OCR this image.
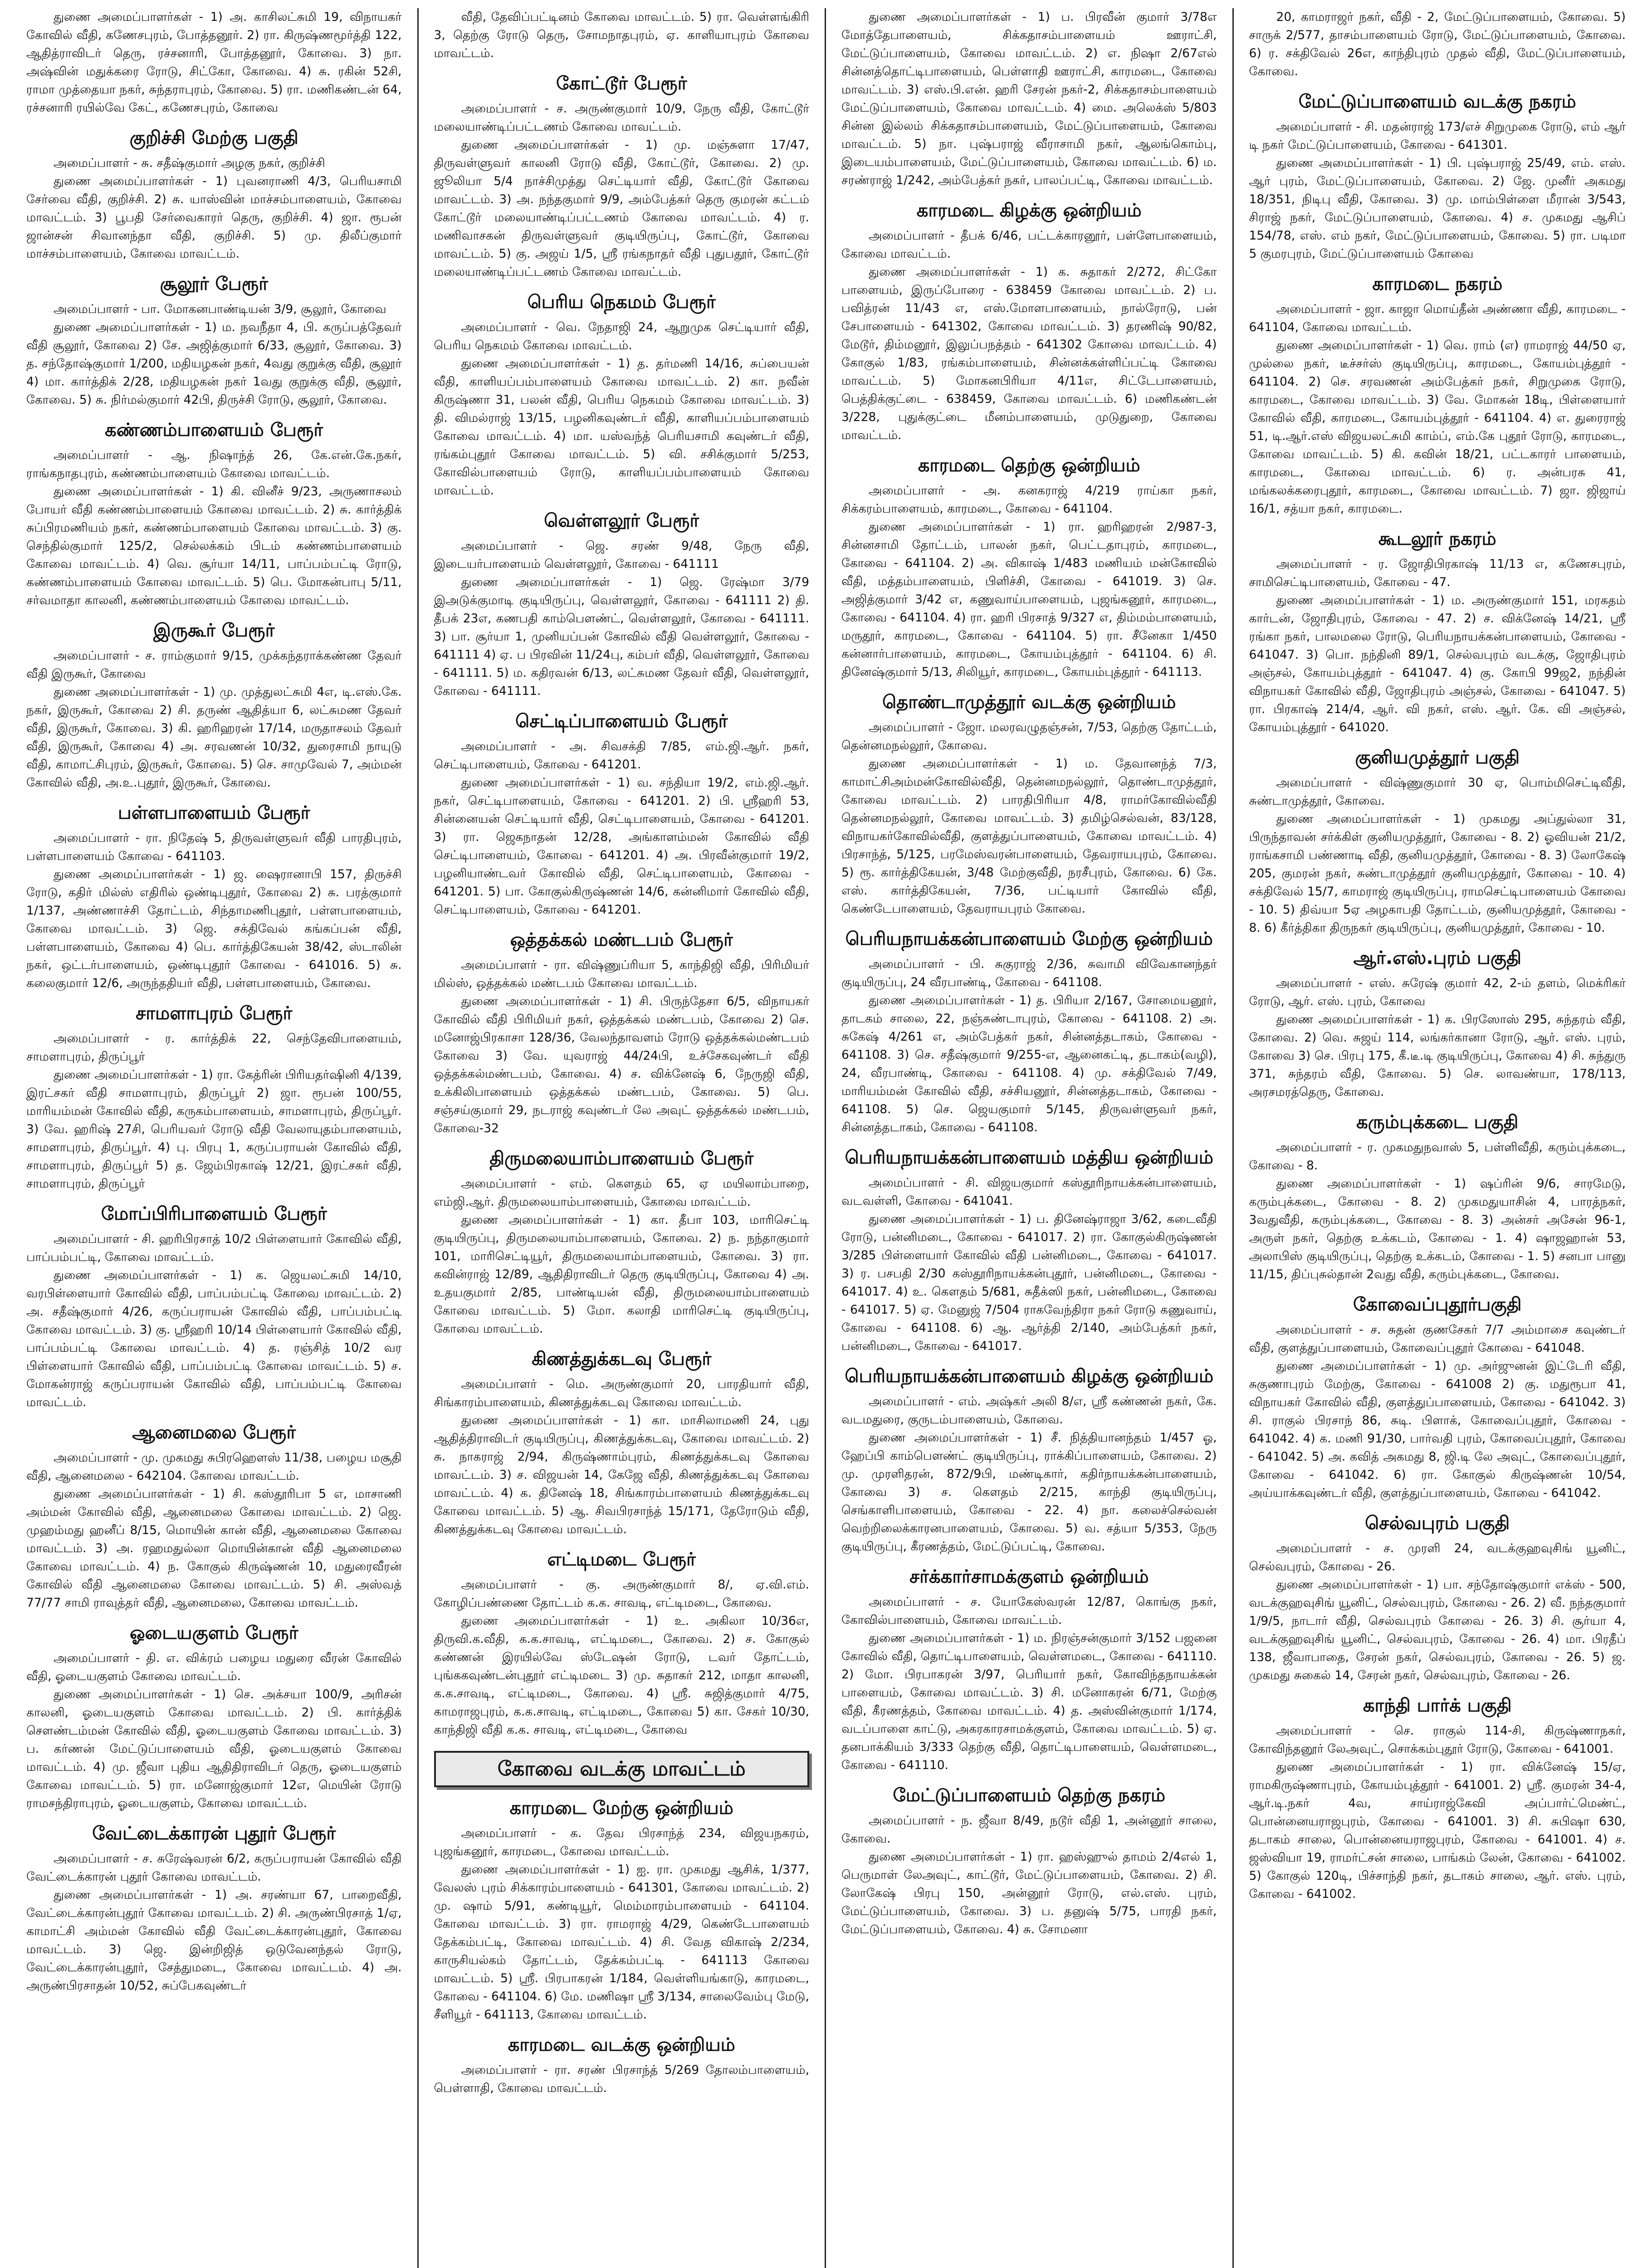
துணை அமைப்பாளர்கள் - 1) அ. காசிலட்சுமி 19, விநாயகர் கோவில் வீதி, கணேசபுரம், போத்தனூர். 2) ரா. கிருஷ்ணமூர்த்தி 122, ஆதித்ராவிடர் தெரு, ரச்சனாரி, போத்தனூர், கோவை. 3) நா. அஷ்வின் மதுக்கரை ரோடு, சிட்கோ, கோவை. 4) சு. ரகின் 52சி, ராமா முத்தையா நகர், சுந்தராபுரம், கோவை. 5) ரா. மணிகண்டன் 64, ரச்சனாரி ரயில்வே கேட், கணேசபுரம், கோவை

குறிச்சி மேற்கு பகுதி

அமைப்பாளர் - சு. சதீஷ்குமார் அழகு நகர், குறிச்சி

துணை அமைப்பாளர்கள் - 1) புவனராணி 4/3, பெரியசாமி சேர்வை வீதி, குறிச்சி. 2) சு. யாஸ்வின் மாச்சம்பாளையம், கோவை மாவட்டம். 3) பூபதி சேர்வைகாரர் தெரு, குறிச்சி. 4) ஜா. ரூபன் ஜான்சன் சிவானந்தா வீதி, குறிச்சி. 5) மு. திலீப்குமார் மாச்சம்பாளையம், கோவை மாவட்டம்.

சூலூர் பேரூர்

அமைப்பாளர் - பா. மோகனபாண்டியன் 3/9, சூலூர், கோவை

துணை அமைப்பாளர்கள் - 1) ம. நவநீதா 4, பி. கருப்பத்தேவர் வீதி சூலூர், கோவை 2) சே. அஜித்குமார் 6/33, சூலூர், கோவை. 3) த. சந்தோஷ்குமார் 1/200, மதியழகன் நகர், 4வது குறுக்கு வீதி, சூலூர் 4) மா. கார்த்திக் 2/28, மதியழகன் நகர் 1வது குறுக்கு வீதி, சூலூர், கோவை. 5) சு. நிர்மல்குமார் 42பி, திருச்சி ரோடு, சூலூர், கோவை.

கண்ணம்பாளையம் பேரூர்

அமைப்பாளர் - ஆ. நிஷாந்த் 26, கே.என்.கே.நகர், ராங்கநாதபுரம், கண்ணம்பாளையம் கோவை மாவட்டம்.

துணை அமைப்பாளர்கள் - 1) கி. வினீச் 9/23, அருணாசலம் போயர் வீதி கண்ணம்பாளையம் கோவை மாவட்டம். 2) சு. கார்த்திக் சுப்பிரமணியம் நகர், கண்ணம்பாளையம் கோவை மாவட்டம். 3) கு. செந்தில்குமார் 125/2, செல்லக்கம் பிடம் கண்ணம்பாளையம் கோவை மாவட்டம். 4) வெ. சூர்யா 14/11, பாப்பம்பட்டி ரோடு, கண்ணம்பாளையம் கோவை மாவட்டம். 5) பெ. மோகன்பாபு 5/11, சர்வமாதா காலனி, கண்ணம்பாளையம் கோவை மாவட்டம்.

இருகூர் பேரூர்

அமைப்பாளர் - ச. ராம்குமார் 9/15, முக்கந்தராக்கண்ண தேவர் வீதி இருகூர், கோவை

துணை அமைப்பாளர்கள் - 1) மு. முத்துலட்சுமி 4எ, டி.எஸ்.கே. நகர், இருகூர், கோவை 2) சி. தருண் ஆதித்யா 6, லட்சுமண தேவர் வீதி, இருகூர், கோவை. 3) கி. ஹரிஹரன் 17/14, மருதாசலம் தேவர் வீதி, இருகூர், கோவை 4) அ. சரவணன் 10/32, துரைசாமி நாயுடு வீதி, காமாட்சிபுரம், இருகூர், கோவை. 5) செ. சாமுவேல் 7, அம்மன் கோவில் வீதி, அ.உ.புதூர், இருகூர், கோவை.

பள்ளபாளையம் பேரூர்

அமைப்பாளர் - ரா. நிதேஷ் 5, திருவள்ளுவர் வீதி பாரதிபுரம், பள்ளபாளையம் கோவை - 641103.

துணை அமைப்பாளர்கள் - 1) ஜ. ஷைரானாபி 157, திருச்சி ரோடு, கதிர் மில்ஸ் எதிரில் ஒண்டிபுதூர், கோவை 2) சு. பரத்குமார் 1/137, அண்ணாச்சி தோட்டம், சிந்தாமணிபுதூர், பள்ளபாளையம், கோவை மாவட்டம். 3) ஜெ. சக்திவேல் கங்கப்பன் வீதி, பள்ளபாளையம், கோவை 4) பெ. கார்த்திகேயன் 38/42, ஸ்டாலின் நகர், ஒட்டர்பாளையம், ஒண்டிபுதூர் கோவை - 641016. 5) சு. கலைகுமார் 12/6, அருந்ததியர் வீதி, பள்ளபாளையம், கோவை.

சாமளாபுரம் பேரூர்

அமைப்பாளர் - ர. கார்த்திக் 22, செந்தேவிபாளையம், சாமளாபுரம், திருப்பூர்

துணை அமைப்பாளர்கள் - 1) ரா. கேத்ரின் பிரியதர்ஷினி 4/139, இரட்சகர் வீதி சாமளாபுரம், திருப்பூர் 2) ஜா. ரூபன் 100/55, மாரியம்மன் கோவில் வீதி, கருகம்பாளையம், சாமளாபுரம், திருப்பூர். 3) வே. ஹரிஷ் 27சி, பெரியவர் ரோடு வீதி வேலாயுதம்பாளையம், சாமளாபுரம், திருப்பூர். 4) பு. பிரபு 1, கருப்பராயன் கோவில் வீதி, சாமளாபுரம், திருப்பூர் 5) த. ஜேம்பிரகாஷ் 12/21, இரட்சகர் வீதி, சாமளாபுரம், திருப்பூர்

மோப்பிரிபாளையம் பேரூர்

அமைப்பாளர் - சி. ஹரிபிரசாத் 10/2 பிள்ளையார் கோவில் வீதி, பாப்பம்பட்டி, கோவை மாவட்டம்.

துணை அமைப்பாளர்கள் - 1) க. ஜெயலட்சுமி 14/10, வரபிள்ளையார் கோவில் வீதி, பாப்பம்பட்டி கோவை மாவட்டம். 2) அ. சதீஷ்குமார் 4/26, கருப்பராயன் கோவில் வீதி, பாப்பம்பட்டி கோவை மாவட்டம். 3) கு. ஸ்ரீஹரி 10/14 பிள்ளையார் கோவில் வீதி, பாப்பம்பட்டி கோவை மாவட்டம். 4) த. ரஞ்சித் 10/2 வர பிள்ளையார் கோவில் வீதி, பாப்பம்பட்டி கோவை மாவட்டம். 5) ச. மோகன்ராஜ் கருப்பராயன் கோவில் வீதி, பாப்பம்பட்டி கோவை மாவட்டம்.

ஆனைமலை பேரூர்

அமைப்பாளர் - மு. முகமது சுபிரஹௌஸ் 11/38, பழைய மசூதி வீதி, ஆனைமலை - 642104. கோவை மாவட்டம்.

துணை அமைப்பாளர்கள் - 1) சி. கஸ்தூரிபா 5 எ, மாசாணி அம்மன் கோவில் வீதி, ஆனைமலை கோவை மாவட்டம். 2) ஜெ. முஹம்மது ஹனீப் 8/15, மொயின் கான் வீதி, ஆனைமலை கோவை மாவட்டம். 3) அ. ரஹமதுல்லா மொயின்கான் வீதி ஆனைமலை கோவை மாவட்டம். 4) ந. கோகுல் கிருஷ்ணன் 10, மதுரைவீரன் கோவில் வீதி ஆனைமலை கோவை மாவட்டம். 5) சி. அஸ்வத் 77/77 சாமி ராவுத்தர் வீதி, ஆனைமலை, கோவை மாவட்டம்.

ஓடையகுளம் பேரூர்

அமைப்பாளர் - தி. எ. விக்ரம் பழைய மதுரை வீரன் கோவில் வீதி, ஓடையகுளம் கோவை மாவட்டம்.

துணை அமைப்பாளர்கள் - 1) செ. அக்சயா 100/9, அரிசன் காலனி, ஓடையகுளம் கோவை மாவட்டம். 2) பி. கார்த்திக் சௌண்டம்மன் கோவில் வீதி, ஓடையகுளம் கோவை மாவட்டம். 3) ப. கர்ணன் மேட்டுப்பாளையம் வீதி, ஓடையகுளம் கோவை மாவட்டம். 4) மு. ஜீவா புதிய ஆதிதிராவிடர் தெரு, ஓடையகுளம் கோவை மாவட்டம். 5) ரா. மனோஜ்குமார் 12எ, மெயின் ரோடு ராமசந்திராபுரம், ஓடையகுளம், கோவை மாவட்டம்.

வேட்டைக்காரன் புதூர் பேரூர்

அமைப்பாளர் - ச. சுரேஷ்வரன் 6/2, கருப்பராயன் கோவில் வீதி வேட்டைக்காரன் புதூர் கோவை மாவட்டம்.

துணை அமைப்பாளர்கள் - 1) அ. சரண்யா 67, பாறைவீதி, வேட்டைக்காரன்புதூர் கோவை மாவட்டம். 2) சி. அருண்பிரசாத் 1/ஏ, காமாட்சி அம்மன் கோவில் வீதி வேட்டைக்காரன்புதூர், கோவை மாவட்டம். 3) ஜெ. இன்றிஜித் ஒடுவேனந்தல் ரோடு, வேட்டைக்காரன்புதூர், சேத்துமடை, கோவை மாவட்டம். 4) அ. அருண்பிரசாதன் 10/52, சுப்பேகவுண்டர்

வீதி, தேவிப்பட்டினம் கோவை மாவட்டம். 5) ரா. வெள்ளங்கிரி 3, தெற்கு ரோடு தெரு, சோமநாதபுரம், ஏ. காளியாபுரம் கோவை மாவட்டம்.

கோட்டூர் பேரூர்

அமைப்பாளர் - ச. அருண்குமார் 10/9, நேரு வீதி, கோட்டூர் மலையாண்டிப்பட்டணம் கோவை மாவட்டம்.

துணை அமைப்பாளர்கள் - 1) மு. மஞ்சுளா 17/47, திருவள்ளுவர் காலனி ரோடு வீதி, கோட்டூர், கோவை. 2) மு. ஜூலியா 5/4 நாச்சிமுத்து செட்டியார் வீதி, கோட்டூர் கோவை மாவட்டம். 3) அ. நந்தகுமார் 9/9, அம்பேத்கர் தெரு குமரன் கட்டம் கோட்டூர் மலையாண்டிப்பட்டணம் கோவை மாவட்டம். 4) ர. மணிவாசகன் திருவள்ளுவர் குடியிருப்பு, கோட்டூர், கோவை மாவட்டம். 5) கு. அஜய் 1/5, ஸ்ரீ ரங்கநாதர் வீதி புதுபதூர், கோட்டூர் மலையாண்டிப்பட்டணம் கோவை மாவட்டம்.

பெரிய நெகமம் பேரூர்

அமைப்பாளர் - வெ. நேதாஜி 24, ஆறுமுக செட்டியார் வீதி, பெரிய நெகமம் கோவை மாவட்டம்.

துணை அமைப்பாளர்கள் - 1) த. தர்மணி 14/16, சுப்பையன் வீதி, காளியப்பம்பாளையம் கோவை மாவட்டம். 2) கா. நவீன் கிருஷ்ணா 31, பலன் வீதி, பெரிய நெகமம் கோவை மாவட்டம். 3) தி. விமல்ராஜ் 13/15, பழனிகவுண்டர் வீதி, காளியப்பம்பாளையம் கோவை மாவட்டம். 4) மா. யஸ்வந்த் பெரியசாமி கவுண்டர் வீதி, ரங்கம்புதூர் கோவை மாவட்டம். 5) வி. சசிக்குமார் 5/253, கோவில்பாளையம் ரோடு, காளியப்பம்பாளையம் கோவை மாவட்டம்.

வெள்ளலூர் பேரூர்

அமைப்பாளர் - ஜெ. சரண் 9/48, நேரு வீதி, இடையர்பாளையம் வெள்ளலூர், கோவை - 641111

துணை அமைப்பாளர்கள் - 1) ஜெ. ரேஷ்மா 3/79 இஅடுக்குமாடி குடியிருப்பு, வெள்ளலூர், கோவை - 641111 2) தி. தீபக் 23எ, கணபதி காம்பௌண்ட், வெள்ளலூர், கோவை - 641111. 3) பா. சூர்யா 1, முனியப்பன் கோவில் வீதி வெள்ளலூர், கோவை - 641111 4) ஏ. ப பிரவின் 11/24பு, கம்பர் வீதி, வெள்ளலூர், கோவை - 641111. 5) ம. கதிரவன் 6/13, லட்சுமண தேவர் வீதி, வெள்ளலூர், கோவை - 641111.

செட்டிப்பாளையம் பேரூர்

அமைப்பாளர் - அ. சிவசக்தி 7/85, எம்.ஜி.ஆர். நகர், செட்டிபாளையம், கோவை - 641201.

துணை அமைப்பாளர்கள் - 1) வ. சந்தியா 19/2, எம்.ஜி.ஆர். நகர், செட்டிபாளையம், கோவை - 641201. 2) பி. ஸ்ரீஹரி 53, சின்னையன் செட்டியார் வீதி, செட்டிபாளையம், கோவை - 641201. 3) ரா. ஜெகநாதன் 12/28, அங்காளம்மன் கோவில் வீதி செட்டிபாளையம், கோவை - 641201. 4) அ. பிரவீன்குமார் 19/2, பழனியாண்டவர் கோவில் வீதி, செட்டிபாளையம், கோவை - 641201. 5) பா. கோகுல்கிருஷ்ணன் 14/6, கன்னிமார் கோவில் வீதி, செட்டிபாளையம், கோவை - 641201.

ஒத்தக்கல் மண்டபம் பேரூர்

அமைப்பாளர் - ரா. விஷ்ணுப்ரியா 5, காந்திஜி வீதி, பிரிமியர் மில்ஸ், ஒத்தக்கல் மண்டபம் கோவை மாவட்டம்.

துணை அமைப்பாளர்கள் - 1) சி. பிருந்தேசா 6/5, விநாயகர் கோவில் வீதி பிரிமியர் நகர், ஒத்தக்கல் மண்டபம், கோவை 2) செ. மனோஜ்பிரகாசா 128/36, வேலந்தாவளம் ரோடு ஒத்தக்கல்மண்டபம் கோவை 3) வே. யுவராஜ் 44/24பி, உச்சேகவுண்டர் வீதி ஒத்தக்கல்மண்டபம், கோவை. 4) ச. விக்னேஷ் 6, நேருஜி வீதி, உக்கிலிபாளையம் ஒத்தக்கல் மண்டபம், கோவை. 5) பெ. சஞ்சய்குமார் 29, நடராஜ் கவுண்டர் லே அவுட் ஒத்தக்கல் மண்டபம், கோவை-32

திருமலையாம்பாளையம் பேரூர்

அமைப்பாளர் - எம். கௌதம் 65, ஏ மயிலாம்பாறை, எம்ஜி.ஆர். திருமலையாம்பாளையம், கோவை மாவட்டம்.

துணை அமைப்பாளர்கள் - 1) கா. தீபா 103, மாரிசெட்டி குடியிருப்பு, திருமலையாம்பாளையம், கோவை. 2) ந. நந்தாகுமார் 101, மாரிசெட்டியூர், திருமலையாம்பாளையம், கோவை. 3) ரா. கவின்ராஜ் 12/89, ஆதிதிராவிடர் தெரு குடியிருப்பு, கோவை 4) அ. உதயகுமார் 2/85, பாண்டியன் வீதி, திருமலையாம்பாளையம் கோவை மாவட்டம். 5) மோ. கலாதி மாரிசெட்டி குடியிருப்பு, கோவை மாவட்டம்.

கிணத்துக்கடவு பேரூர்

அமைப்பாளர் - மெ. அருண்குமார் 20, பாரதியார் வீதி, சிங்காரம்பாளையம், கிணத்துக்கடவு கோவை மாவட்டம்.

துணை அமைப்பாளர்கள் - 1) கா. மாசிலாமணி 24, புது ஆதித்திராவிடர் குடியிருப்பு, கிணத்துக்கடவு, கோவை மாவட்டம். 2) சு. நாகராஜ் 2/94, கிருஷ்ணாம்புரம், கிணத்துக்கடவு கோவை மாவட்டம். 3) ச. விஜயன் 14, கேஜே வீதி, கிணத்துக்கடவு கோவை மாவட்டம். 4) க. தினேஷ் 18, சிங்காரம்பாளையம் கிணத்துக்கடவு கோவை மாவட்டம். 5) ஆ. சிவபிரசாந்த் 15/171, தேரோடும் வீதி, கிணத்துக்கடவு கோவை மாவட்டம்.

எட்டிமடை பேரூர்

அமைப்பாளர் - கு. அருண்குமார் 8/, ஏ.வி.எம். கோழிப்பண்ணை தோட்டம் க.க. சாவடி, எட்டிமடை, கோவை.

துணை அமைப்பாளர்கள் - 1) உ. அகிலா 10/36எ, திருவி.க.வீதி, க.க.சாவடி, எட்டிமடை, கோவை. 2) ச. கோகுல் கண்ணன் இரயில்வே ஸ்டேஷன் ரோடு, டவர் தோட்டம், புங்ககவுண்டன்புதூர் எட்டிமடை 3) மு. சுதாகர் 212, மாதா காலனி, க.க.சாவடி, எட்டிமடை, கோவை. 4) ஸ்ரீ. சுஜித்குமார் 4/75, காமராஜபுரம், க.க.சாவடி, எட்டிமடை, கோவை 5) கா. சேகர் 10/30, காந்திஜி வீதி க.க. சாவடி, எட்டிமடை, கோவை

கோவை வடக்கு மாவட்டம்
காரமடை மேற்கு ஒன்றியம்

அமைப்பாளர் - க. தேவ பிரசாந்த் 234, விஜயநகரம், புஜங்கனூர், காரமடை, கோவை மாவட்டம்.

துணை அமைப்பாளர்கள் - 1) ஐ. ரா. முகமது ஆசிக், 1/377, வேலஸ் புரம் சிக்காரம்பாளையம் - 641301, கோவை மாவட்டம். 2) மு. ஷாம் 5/91, கண்டியூர், மெம்மாரம்பாளையம் - 641104. கோவை மாவட்டம். 3) ரா. ராமராஜ் 4/29, கெண்டேபாளையம் தேக்கம்பட்டி, கோவை மாவட்டம். 4) சி. வேத விகாஷ் 2/234, காருசியல்கம் தோட்டம், தேக்கம்பட்டி - 641113 கோவை மாவட்டம். 5) ஸ்ரீ. பிரபாகரன் 1/184, வெள்ளியங்காடு, காரமடை, கோவை - 641104. 6) மே. மணிஷா ஸ்ரீ 3/134, சாலைவேம்பு மேடு, சீளியூர் - 641113, கோவை மாவட்டம்.

காரமடை வடக்கு ஒன்றியம்

அமைப்பாளர் - ரா. சரண் பிரசாந்த் 5/269 தோலம்பாளையம், பெள்ளாதி, கோவை மாவட்டம்.

துணை அமைப்பாளர்கள் - 1) ப. பிரவீன் குமார் 3/78எ மோத்தேபாளையம், சிக்கதாசம்பாளையம் ஊராட்சி, மேட்டுப்பாளையம், கோவை மாவட்டம். 2) எ. நிஷா 2/67எல் சின்னத்தொட்டிபாளையம், பெள்ளாதி ஊராட்சி, காரமடை, கோவை மாவட்டம். 3) எஸ்.பி.என். ஹரி சேரன் நகர்-2, சிக்கதாசம்பாளையம் மேட்டுப்பாளையம், கோவை மாவட்டம். 4) மை. அலெக்ஸ் 5/803 சின்ன இல்லம் சிக்கதாசம்பாளையம், மேட்டுப்பாளையம், கோவை மாவட்டம். 5) நா. புஷ்பராஜ் வீராசாமி நகர், ஆலங்கொம்பு, இடையம்பாளையம், மேட்டுப்பாளையம், கோவை மாவட்டம். 6) ம. சரண்ராஜ் 1/242, அம்பேத்கர் நகர், பாலப்பட்டி, கோவை மாவட்டம்.

காரமடை கிழக்கு ஒன்றியம்

அமைப்பாளர் - தீபக் 6/46, பட்டக்காரனூர், பள்ளேபாளையம், கோவை மாவட்டம்.

துணை அமைப்பாளர்கள் - 1) க. சுதாகர் 2/272, சிட்கோ பாளையம், இருப்போரை - 638459 கோவை மாவட்டம். 2) ப. பவித்ரன் 11/43 எ, எஸ்.மோளபாளையம், நால்ரோடு, பன் சேபாளையம் - 641302, கோவை மாவட்டம். 3) தரணிஷ் 90/82, மேடூர், திம்மனூர், இலுப்பநத்தம் - 641302 கோவை மாவட்டம். 4) கோகுல் 1/83, ரங்கம்பாளையம், சின்னக்கள்ளிப்பட்டி கோவை மாவட்டம். 5) மோகனபிரியா 4/11எ, சிட்டேபாளையம், பெத்திக்குட்டை - 638459, கோவை மாவட்டம். 6) மணிகண்டன் 3/228, புதுக்குட்டை மீனம்பாளையம், முடுதுறை, கோவை மாவட்டம்.

காரமடை தெற்கு ஒன்றியம்

அமைப்பாளர் - அ. கனகராஜ் 4/219 ராய்கா நகர், சிக்கரம்பாளையம், காரமடை, கோவை - 641104.

துணை அமைப்பாளர்கள் - 1) ரா. ஹரிஹரன் 2/987-3, சின்னசாமி தோட்டம், பாலன் நகர், பெட்டதாபுரம், காரமடை, கோவை - 641104. 2) அ. விகாஷ் 1/483 மணியம் மன்கோவில் வீதி, மத்தம்பாளையம், பிளிச்சி, கோவை - 641019. 3) செ. அஜித்குமார் 3/42 எ, கணுவாய்பாளையம், புஜங்கனூர், காரமடை, கோவை - 641104. 4) ரா. ஹரி பிரசாத் 9/327 எ, திம்மம்பாளையம், மருதூர், காரமடை, கோவை - 641104. 5) ரா. சீனேகா 1/450 கன்னார்பாளையம், காரமடை, கோயம்புத்தூர் - 641104. 6) சி. தினேஷ்குமார் 5/13, சிலியூர், காரமடை, கோயம்புத்தூர் - 641113.

தொண்டாமுத்தூர் வடக்கு ஒன்றியம்

அமைப்பாளர் - ஜோ. மலரவழுதஞ்சன், 7/53, தெற்கு தோட்டம், தென்னமநல்லூர், கோவை.

துணை அமைப்பாளர்கள் - 1) ம. தேவானந்த் 7/3, காமாட்சிஅம்மன்கோவில்வீதி, தென்னமநல்லூர், தொண்டாமுத்தூர், கோவை மாவட்டம். 2) பாரதிபிரியா 4/8, ராமர்கோவில்வீதி தென்னமநல்லூர், கோவை மாவட்டம். 3) தமிழ்செல்வன், 83/128, விநாயகர்கோவில்வீதி, குளத்துப்பாளையம், கோவை மாவட்டம். 4) பிரசாந்த், 5/125, பரமேஸ்வரன்பாளையம், தேவராயபுரம், கோவை. 5) ரூ. கார்த்திகேயன், 3/48 மேற்குவீதி, நரசீபுரம், கோவை. 6) கே. எஸ். கார்த்திகேயன், 7/36, பட்டியார் கோவில் வீதி, கெண்டேபாளையம், தேவராயபுரம் கோவை.

பெரியநாயக்கன்பாளையம் மேற்கு ஒன்றியம்

அமைப்பாளர் - பி. சுகுராஜ் 2/36, சுவாமி விவேகானந்தர் குடியிருப்பு, 24 வீரபாண்டி, கோவை - 641108.

துணை அமைப்பாளர்கள் - 1) த. பிரியா 2/167, சோமையனூர், தாடகம் சாலை, 22, நஞ்சுண்டாபுரம், கோவை - 641108. 2) அ. சுகேஷ் 4/261 எ, அம்பேத்கர் நகர், சின்னத்தடாகம், கோவை - 641108. 3) செ. சதீஷ்குமார் 9/255-எ, ஆனைகட்டி, தடாகம்(வழி), 24, வீரபாண்டி, கோவை - 641108. 4) மு. சக்திவேல் 7/49, மாரியம்மன் கோவில் வீதி, சச்சியனூர், சின்னத்தடாகம், கோவை - 641108. 5) செ. ஜெயகுமார் 5/145, திருவள்ளுவர் நகர், சின்னத்தடாகம், கோவை - 641108.

பெரியநாயக்கன்பாளையம் மத்திய ஒன்றியம்

அமைப்பாளர் - சி. விஜயகுமார் கஸ்தூரிநாயக்கன்பாளையம், வடவள்ளி, கோவை - 641041.

துணை அமைப்பாளர்கள் - 1) ப. தினேஷ்ராஜா 3/62, கடைவீதி ரோடு, பன்னிமடை, கோவை - 641017. 2) ரா. கோகுல்கிருஷ்ணன் 3/285 பிள்ளையார் கோவில் வீதி பன்னிமடை, கோவை - 641017. 3) ர. பசபதி 2/30 கஸ்தூரிநாயக்கன்புதூர், பன்னிமடை, கோவை - 641017. 4) உ. கௌதம் 5/681, சுதீக்ஸி நகர், பன்னிமடை, கோவை - 641017. 5) ஏ. மேனுஜ் 7/504 ராகவேந்திரா நகர் ரோடு கணுவாய், கோவை - 641108. 6) ஆ. ஆர்த்தி 2/140, அம்பேத்கர் நகர், பன்னிமடை, கோவை - 641017.

பெரியநாயக்கன்பாளையம் கிழக்கு ஒன்றியம்

அமைப்பாளர் - எம். அஷ்கர் அலி 8/எ, ஸ்ரீ கண்ணன் நகர், கே. வடமதுரை, குருடம்பாளையம், கோவை.

துணை அமைப்பாளர்கள் - 1) சீ. நித்தியானந்தம் 1/457 ஓ, ஹேப்பி காம்பௌண்ட் குடியிருப்பு, ராக்கிப்பாளையம், கோவை. 2) மு. முரளிதரன், 872/9பி, மண்டிகார், கதிர்நாயக்கன்பாளையம், கோவை 3) ச. கௌதம் 2/215, காந்தி குடியிருப்பு, செங்காளிபாளையம், கோவை - 22. 4) நா. கலைச்செல்வன் வெற்றிலைக்காரனபாளையம், கோவை. 5) வ. சத்யா 5/353, நேரு குடியிருப்பு, கீரணத்தம், மேட்டுப்பட்டி, கோவை.

சர்க்கார்சாமக்குளம் ஒன்றியம்

அமைப்பாளர் - ச. யோகேஸ்வரன் 12/87, கொங்கு நகர், கோவில்பாளையம், கோவை மாவட்டம்.

துணை அமைப்பாளர்கள் - 1) ம. நிரஞ்சன்குமார் 3/152 பஜனை கோவில் வீதி, தொட்டிபாளையம், வெள்ளமடை, கோவை - 641110. 2) மோ. பிரபாகரன் 3/97, பெரியார் நகர், கோவிந்தநாயக்கன் பாளையம், கோவை மாவட்டம். 3) சி. மனோகரன் 6/71, மேற்கு வீதி, கீரணத்தம், கோவை மாவட்டம். 4) த. அஸ்வின்குமார் 1/174, வடப்பாளை காட்டு, அகரகாரசாமக்குளம், கோவை மாவட்டம். 5) ஏ. தனபாக்கியம் 3/333 தெற்கு வீதி, தொட்டிபாளையம், வெள்ளமடை, கோவை - 641110.

மேட்டுப்பாளையம் தெற்கு நகரம்

அமைப்பாளர் - ந. ஜீவா 8/49, நடூர் வீதி 1, அன்னூர் சாலை, கோவை.

துணை அமைப்பாளர்கள் - 1) ரா. ஹஸ்ஹுல் தாமம் 2/4எல் 1, பெருமாள் லேஅவுட், காட்டூர், மேட்டுப்பாளையம், கோவை. 2) சி. லோகேஷ் பிரபு 150, அன்னூர் ரோடு, எல்.எஸ். புரம், மேட்டுப்பாளையம், கோவை. 3) ப. தனுஷ் 5/75, பாரதி நகர், மேட்டுப்பாளையம், கோவை. 4) சு. சோமனா

20, காமராஜர் நகர், வீதி - 2, மேட்டுப்பாளையம், கோவை. 5) சாருக் 2/577, தாசம்பாளையம் ரோடு, மேட்டுப்பாளையம், கோவை. 6) ர. சக்திவேல் 26எ, காந்திபுரம் முதல் வீதி, மேட்டுப்பாளையம், கோவை.

மேட்டுப்பாளையம் வடக்கு நகரம்

அமைப்பாளர் - சி. மதன்ராஜ் 173/எச் சிறுமுகை ரோடு, எம் ஆர் டி நகர் மேட்டுப்பாளையம், கோவை - 641301.

துணை அமைப்பாளர்கள் - 1) பி. புஷ்பராஜ் 25/49, எம். எஸ். ஆர் புரம், மேட்டுப்பாளையம், கோவை. 2) ஜே. முனீர் அகமது 18/351, நிடிபு வீதி, கோவை. 3) மு. மாம்பிள்ளை மீரான் 3/543, சிராஜ் நகர், மேட்டுப்பாளையம், கோவை. 4) ச. முகமது ஆசிப் 154/78, எஸ். எம் நகர், மேட்டுப்பாளையம், கோவை. 5) ரா. படிமா 5 குமரபுரம், மேட்டுப்பாளையம் கோவை

காரமடை நகரம்

அமைப்பாளர் - ஜா. காஜா மொய்தீன் அண்ணா வீதி, காரமடை - 641104, கோவை மாவட்டம்.

துணை அமைப்பாளர்கள் - 1) வெ. ராம் (எ) ராமராஜ் 44/50 ஏ, முல்லை நகர், டீச்சர்ஸ் குடியிருப்பு, காரமடை, கோயம்புத்தூர் - 641104. 2) செ. சரவணன் அம்பேத்கர் நகர், சிறுமுகை ரோடு, காரமடை, கோவை மாவட்டம். 3) வே. மோகன் 18டி, பிள்ளையார் கோவில் வீதி, காரமடை, கோயம்புத்தூர் - 641104. 4) எ. துரைராஜ் 51, டி.ஆர்.எஸ் விஜயலட்சுமி காம்ப், எம்.கே புதூர் ரோடு, காரமடை, கோவை மாவட்டம். 5) கி. கவின் 18/21, பட்டகாரர் பாளையம், காரமடை, கோவை மாவட்டம். 6) ர. அன்பரசு 41, மங்கலக்கரைபுதூர், காரமடை, கோவை மாவட்டம். 7) ஜா. ஜிஜாய் 16/1, சத்யா நகர், காரமடை.

கூடலூர் நகரம்

அமைப்பாளர் - ர. ஜோதிபிரகாஷ் 11/13 எ, கணேசபுரம், சாமிசெட்டிபாளையம், கோவை - 47.

துணை அமைப்பாளர்கள் - 1) ம. அருண்குமார் 151, மரகதம் கார்டன், ஜோதிபுரம், கோவை - 47. 2) ச. விக்னேஷ் 14/21, ஸ்ரீ ரங்கா நகர், பாலமலை ரோடு, பெரியநாயக்கன்பாளையம், கோவை - 641047. 3) பொ. நந்தினி 89/1, செல்வபுரம் வடக்கு, ஜோதிபுரம் அஞ்சல், கோயம்புத்தூர் - 641047. 4) கு. கோபி 99ஜ2, நந்தின் விநாயகர் கோவில் வீதி, ஜோதிபுரம் அஞ்சல், கோவை - 641047. 5) ரா. பிரகாஷ் 214/4, ஆர். வி நகர், எஸ். ஆர். கே. வி அஞ்சல், கோயம்புத்தூர் - 641020.

குனியமுத்தூர் பகுதி

அமைப்பாளர் - விஷ்ணுகுமார் 30 ஏ, பொம்மிசெட்டிவீதி, சுண்டாமுத்தூர், கோவை.

துணை அமைப்பாளர்கள் - 1) முகமது அப்துல்லா 31, பிருந்தாவன் சர்க்கிள் குனியமுத்தூர், கோவை - 8. 2) ஓவியன் 21/2, ராங்கசாமி பண்ணாடி வீதி, குனியமுத்தூர், கோவை - 8. 3) லோகேஷ் 205, குமரன் நகர், சுண்டாமுத்தூர் குனியமுத்தூர், கோவை - 10. 4) சக்திவேல் 15/7, காமராஜ் குடியிருப்பு, ராமசெட்டிபாளையம் கோவை - 10. 5) திவ்யா 5ஏ அழகாபதி தோட்டம், குனியமுத்தூர், கோவை - 8. 6) கீர்த்திகா திருநகர் குடியிருப்பு, குனியமுத்தூர், கோவை - 10.

ஆர்.எஸ்.புரம் பகுதி

அமைப்பாளர் - எஸ். சுரேஷ் குமார் 42, 2-ம் தளம், மெக்ரிகர் ரோடு, ஆர். எஸ். புரம், கோவை

துணை அமைப்பாளர்கள் - 1) க. பிரஸோஸ் 295, சுந்தரம் வீதி, கோவை. 2) வெ. சுஜய் 114, லங்கர்கானா ரோடு, ஆர். எஸ். புரம், கோவை 3) செ. பிரபு 175, கீ.டீ.டி குடியிருப்பு, கோவை 4) சி. சுந்துரு 371, சுந்தரம் வீதி, கோவை. 5) செ. லாவண்யா, 178/113, அரசமரத்தெரு, கோவை.

கரும்புக்கடை பகுதி

அமைப்பாளர் - ர. முகமதுநவாஸ் 5, பள்ளிவீதி, கரும்புக்கடை, கோவை - 8.

துணை அமைப்பாளர்கள் - 1) ஷப்ரின் 9/6, சாரமேடு, கரும்புக்கடை, கோவை - 8. 2) முகமதுயாசின் 4, பாரத்நகர், 3வதுவீதி, கரும்புக்கடை, கோவை - 8. 3) அன்சர் அசேன் 96-1, அருள் நகர், தெற்கு உக்கடம், கோவை - 1. 4) ஷாஜஹான் 53, அலாபிஸ் குடியிருப்பு, தெற்கு உக்கடம், கோவை - 1. 5) சனபா பானு 11/15, திப்புசுல்தான் 2வது வீதி, கரும்புக்கடை, கோவை.

கோவைப்புதூர்பகுதி

அமைப்பாளர் - ச. சுதன் குணசேகர் 7/7 அம்மாசை கவுண்டர் வீதி, குளத்துப்பாளையம், கோவைப்புதூர் கோவை - 641048.

துணை அமைப்பாளர்கள் - 1) மு. அர்ஜுனன் இட்டேரி வீதி, சுகுணாபுரம் மேற்கு, கோவை - 641008 2) கு. மதுரூபா 41, விநாயகர் கோவில் வீதி, குளத்துப்பாளையம், கோவை - 641042. 3) சி. ராகுல் பிரசாந் 86, சுடி. பிளாக், கோவைப்புதூர், கோவை - 641042. 4) க. மணி 91/30, பார்வதி புரம், கோவைப்புதூர், கோவை - 641042. 5) அ. கவித் அகமது 8, ஜி.டி லே அவுட், கோவைப்புதூர், கோவை - 641042. 6) ரா. கோகுல் கிருஷ்ணன் 10/54, அய்யாக்கவுண்டர் வீதி, குளத்துப்பாளையம், கோவை - 641042.

செல்வபுரம் பகுதி

அமைப்பாளர் - ச. முரளி 24, வடக்குஹவுசிங் யூனிட், செல்வபுரம், கோவை - 26.

துணை அமைப்பாளர்கள் - 1) பா. சந்தோஷ்குமார் எக்ஸ் - 500, வடக்குஹவுசிங் யூனிட், செல்வபுரம், கோவை - 26. 2) வீ. நந்தகுமார் 1/9/5, நாடார் வீதி, செல்வபுரம் கோவை - 26. 3) சி. சூர்யா 4, வடக்குஹவுசிங் யூனிட், செல்வபுரம், கோவை - 26. 4) மா. பிரதீப் 138, ஜீவாபாதை, சேரன் நகர், செல்வபுரம், கோவை - 26. 5) ஜ. முகமது சுகைல் 14, சேரன் நகர், செல்வபுரம், கோவை - 26.

காந்தி பார்க் பகுதி

அமைப்பாளர் - செ. ராகுல் 114-சி, கிருஷ்ணாநகர், கோவிந்தனூர் லேஅவுட், சொக்கம்புதூர் ரோடு, கோவை - 641001.

துணை அமைப்பாளர்கள் - 1) ரா. விக்னேஷ் 15/ஏ, ராமகிருஷ்ணாபுரம், கோயம்புத்தூர் - 641001. 2) ஸ்ரீ. குமரன் 34-4, ஆர்.டி.நகர் 4வ, சாய்ராஜ்கேவி அப்பார்ட்மெண்ட், பொன்னையராஜபுரம், கோவை - 641001. 3) சி. சுபிஷா 630, தடாகம் சாலை, பொன்னையராஜபுரம், கோவை - 641001. 4) ச. ஜஸ்வியா 19, ராமர்ட்சன் சாலை, பாங்கம் லேன், கோவை - 641002. 5) கோகுல் 120டி, பிச்சாந்தி நகர், தடாகம் சாலை, ஆர். எஸ். புரம், கோவை - 641002.
